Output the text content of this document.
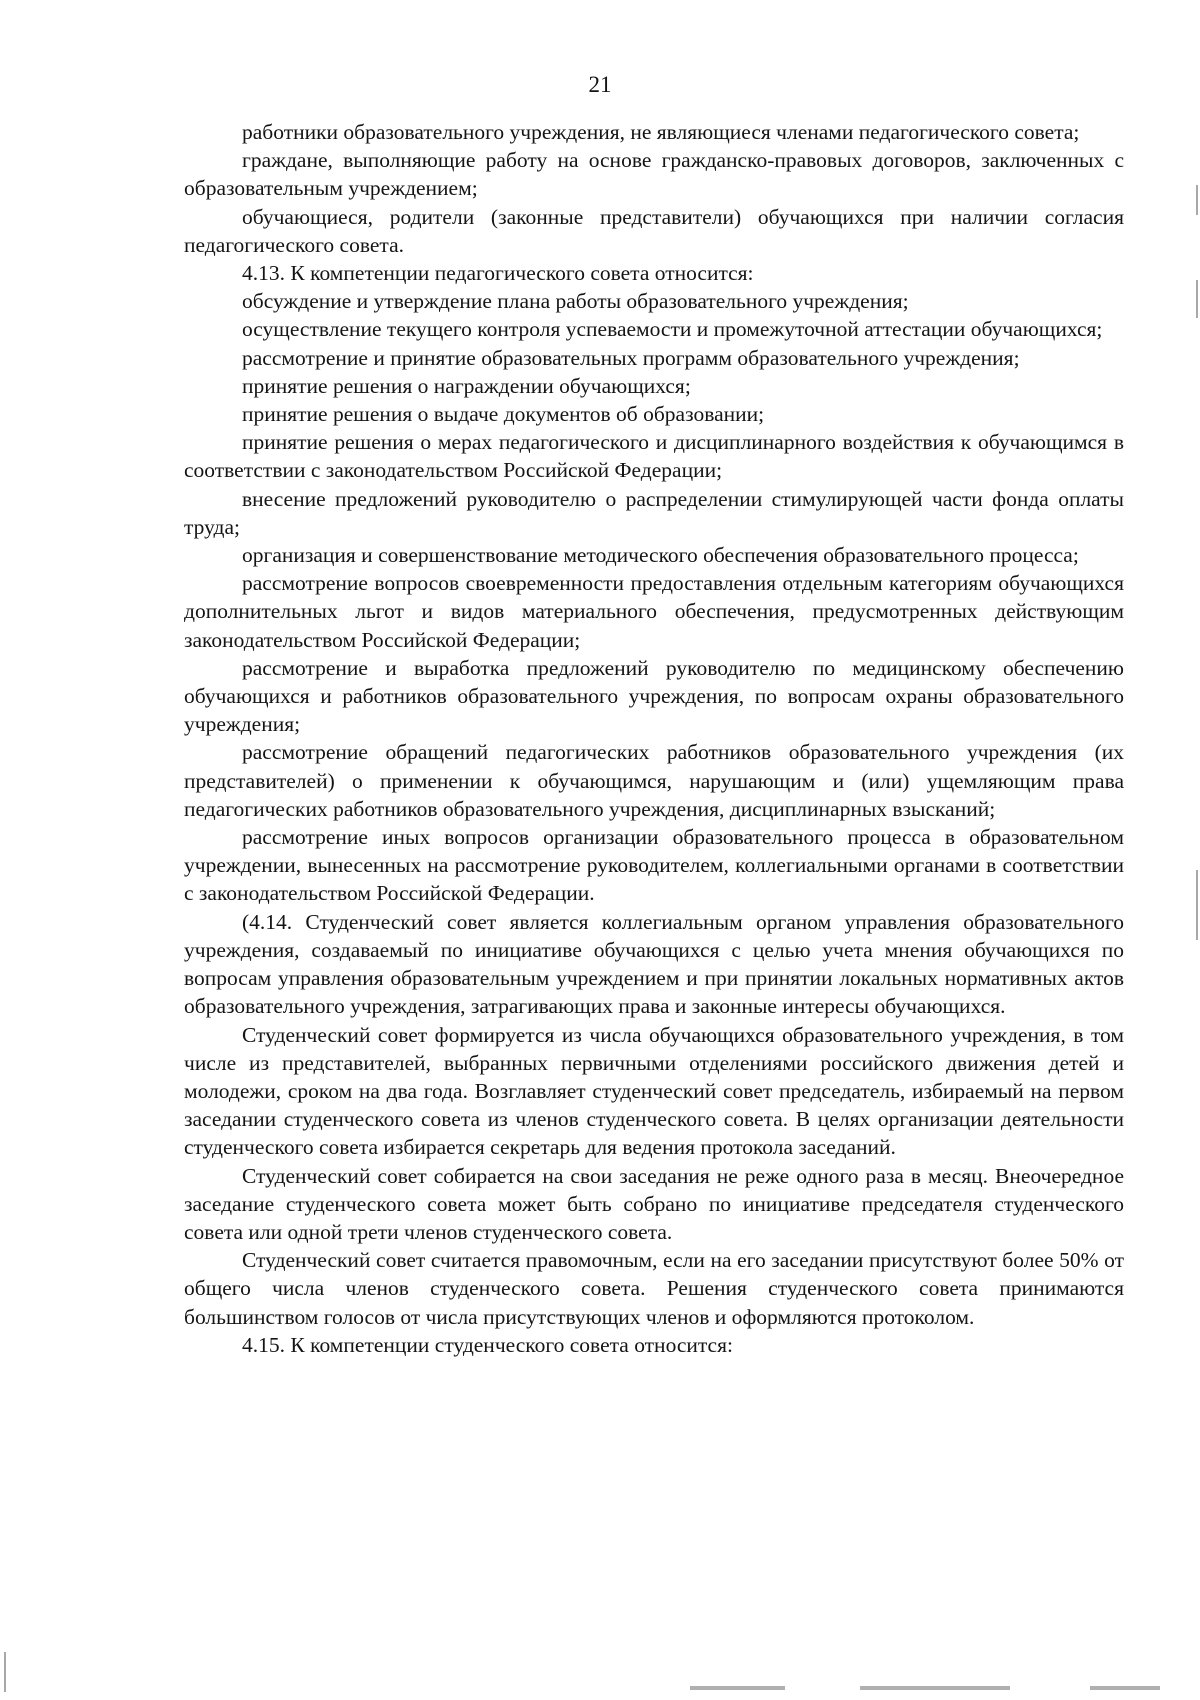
21

работники образовательного учреждения, не являющиеся членами педагогического совета;

граждане, выполняющие работу на основе гражданско-правовых договоров, заключенных с образовательным учреждением;

обучающиеся, родители (законные представители) обучающихся при наличии согласия педагогического совета.

4.13. К компетенции педагогического совета относится:

обсуждение и утверждение плана работы образовательного учреждения;

осуществление текущего контроля успеваемости и промежуточной аттестации обучающихся;

рассмотрение и принятие образовательных программ образовательного учреждения;

принятие решения о награждении обучающихся;

принятие решения о выдаче документов об образовании;

принятие решения о мерах педагогического и дисциплинарного воздействия к обучающимся в соответствии с законодательством Российской Федерации;

внесение предложений руководителю о распределении стимулирующей части фонда оплаты труда;

организация и совершенствование методического обеспечения образовательного процесса;

рассмотрение вопросов своевременности предоставления отдельным категориям обучающихся дополнительных льгот и видов материального обеспечения, предусмотренных действующим законодательством Российской Федерации;

рассмотрение и выработка предложений руководителю по медицинскому обеспечению обучающихся и работников образовательного учреждения, по вопросам охраны образовательного учреждения;

рассмотрение обращений педагогических работников образовательного учреждения (их представителей) о применении к обучающимся, нарушающим и (или) ущемляющим права педагогических работников образовательного учреждения, дисциплинарных взысканий;

рассмотрение иных вопросов организации образовательного процесса в образовательном учреждении, вынесенных на рассмотрение руководителем, коллегиальными органами в соответствии с законодательством Российской Федерации.

(4.14. Студенческий совет является коллегиальным органом управления образовательного учреждения, создаваемый по инициативе обучающихся с целью учета мнения обучающихся по вопросам управления образовательным учреждением и при принятии локальных нормативных актов образовательного учреждения, затрагивающих права и законные интересы обучающихся.

Студенческий совет формируется из числа обучающихся образовательного учреждения, в том числе из представителей, выбранных первичными отделениями российского движения детей и молодежи, сроком на два года. Возглавляет студенческий совет председатель, избираемый на первом заседании студенческого совета из членов студенческого совета. В целях организации деятельности студенческого совета избирается секретарь для ведения протокола заседаний.

Студенческий совет собирается на свои заседания не реже одного раза в месяц. Внеочередное заседание студенческого совета может быть собрано по инициативе председателя студенческого совета или одной трети членов студенческого совета.

Студенческий совет считается правомочным, если на его заседании присутствуют более 50% от общего числа членов студенческого совета. Решения студенческого совета принимаются большинством голосов от числа присутствующих членов и оформляются протоколом.

4.15. К компетенции студенческого совета относится:
